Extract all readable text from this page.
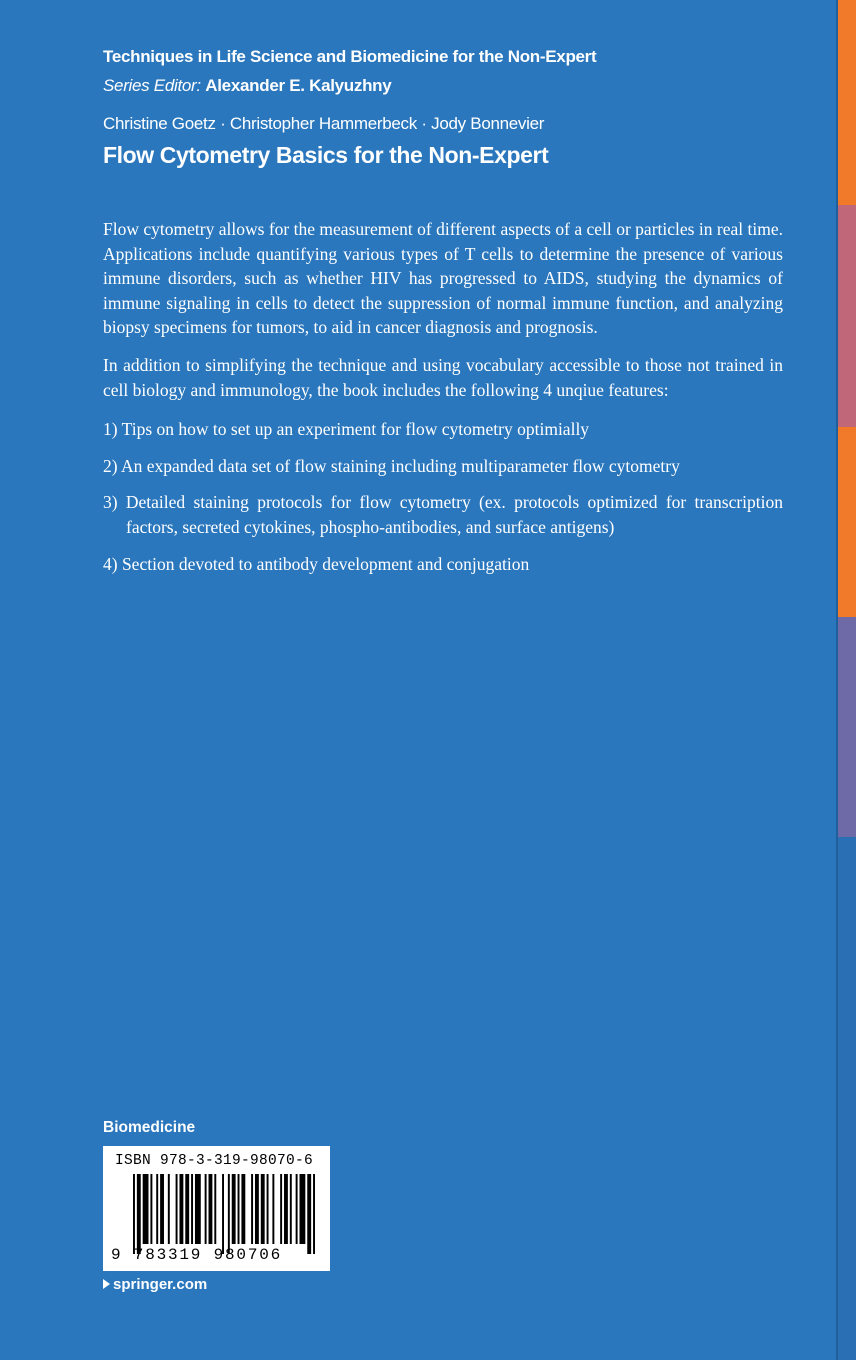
Techniques in Life Science and Biomedicine for the Non-Expert
Series Editor: Alexander E. Kalyuzhny
Christine Goetz · Christopher Hammerbeck · Jody Bonnevier
Flow Cytometry Basics for the Non-Expert

Flow cytometry allows for the measurement of different aspects of a cell or particles in real time. Applications include quantifying various types of T cells to determine the presence of various immune disorders, such as whether HIV has progressed to AIDS, studying the dynamics of immune signaling in cells to detect the suppression of normal immune function, and analyzing biopsy specimens for tumors, to aid in cancer diagnosis and prognosis.

In addition to simplifying the technique and using vocabulary accessible to those not trained in cell biology and immunology, the book includes the following 4 unqiue features:

1) Tips on how to set up an experiment for flow cytometry optimially
2) An expanded data set of flow staining including multiparameter flow cytometry
3) Detailed staining protocols for flow cytometry (ex. protocols optimized for transcription factors, secreted cytokines, phospho-antibodies, and surface antigens)
4) Section devoted to antibody development and conjugation
Biomedicine
ISBN 978-3-319-98070-6
9 783319 980706
springer.com
